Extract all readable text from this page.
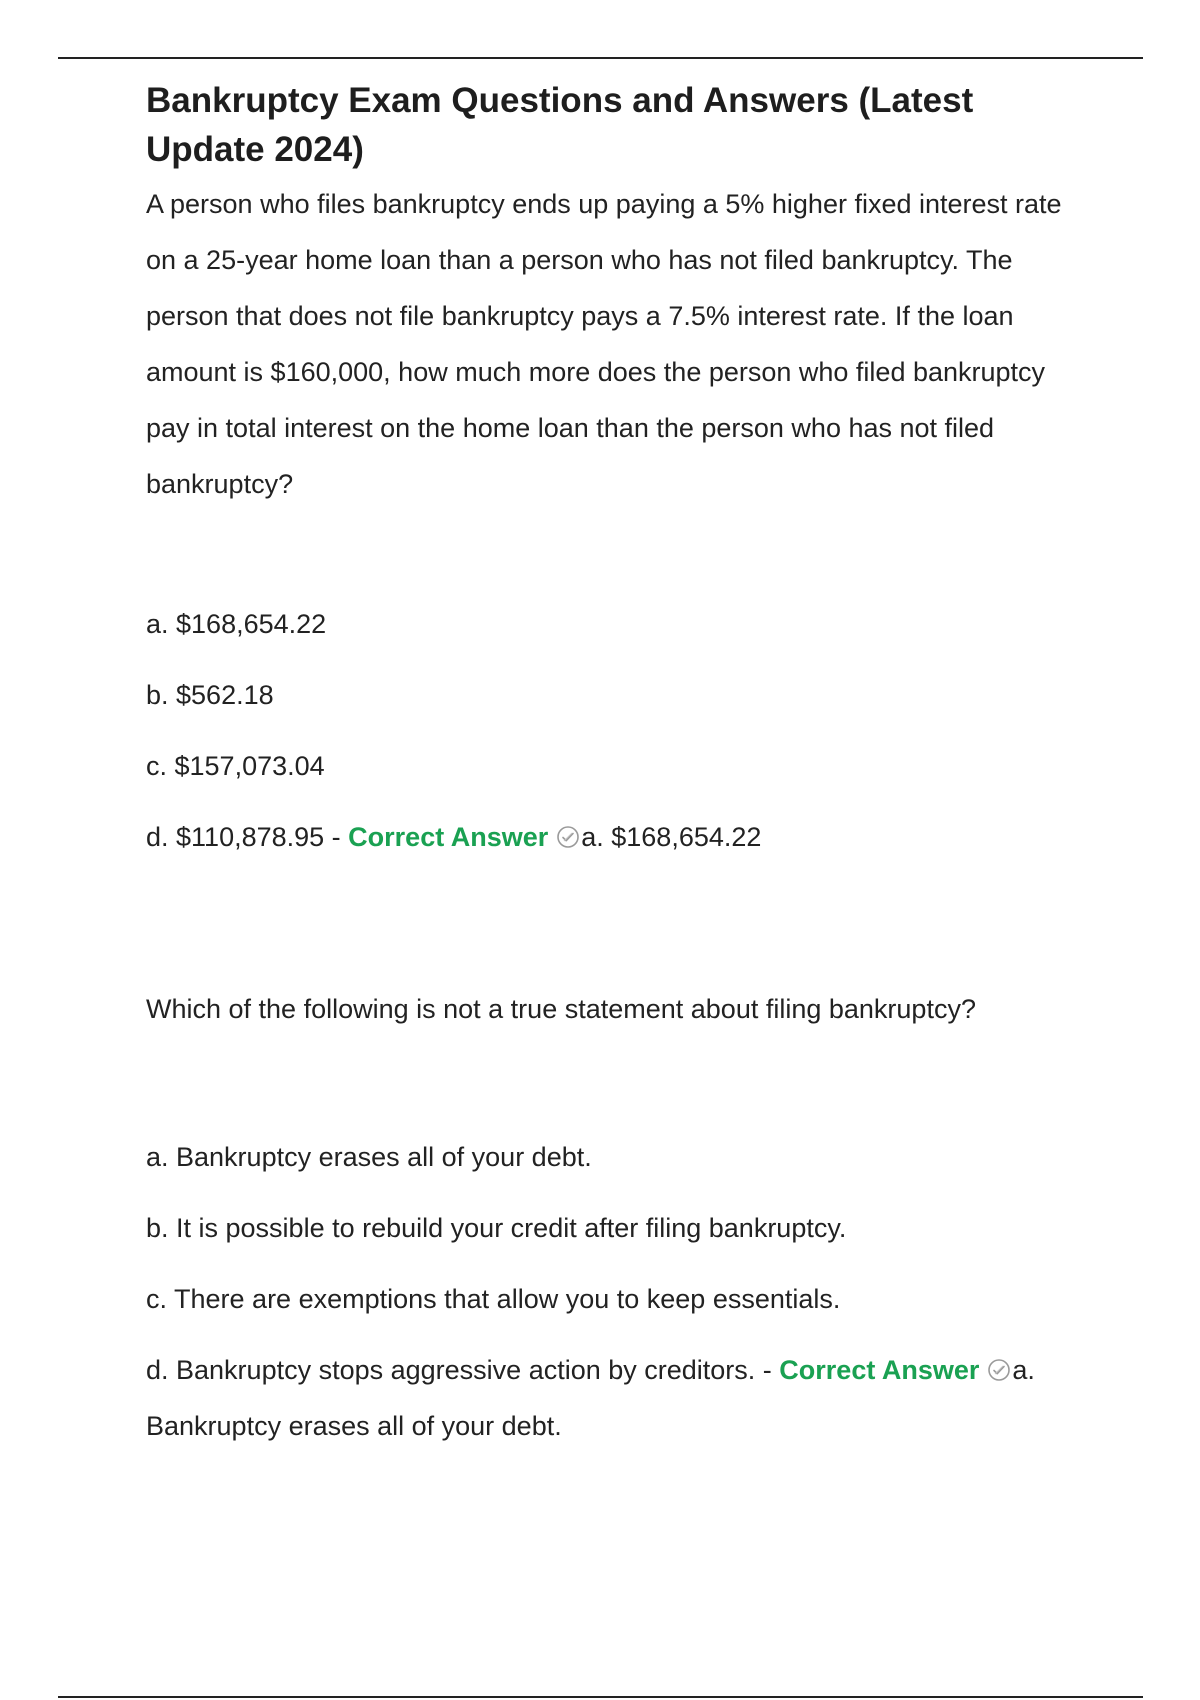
Bankruptcy Exam Questions and Answers (Latest Update 2024)

A person who files bankruptcy ends up paying a 5% higher fixed interest rate on a 25-year home loan than a person who has not filed bankruptcy. The person that does not file bankruptcy pays a 7.5% interest rate. If the loan amount is $160,000, how much more does the person who filed bankruptcy pay in total interest on the home loan than the person who has not filed bankruptcy?

a. $168,654.22

b. $562.18

c. $157,073.04

d. $110,878.95 - Correct Answer a. $168,654.22

Which of the following is not a true statement about filing bankruptcy?

a. Bankruptcy erases all of your debt.

b. It is possible to rebuild your credit after filing bankruptcy.

c. There are exemptions that allow you to keep essentials.

d. Bankruptcy stops aggressive action by creditors. - Correct Answer a. Bankruptcy erases all of your debt.
